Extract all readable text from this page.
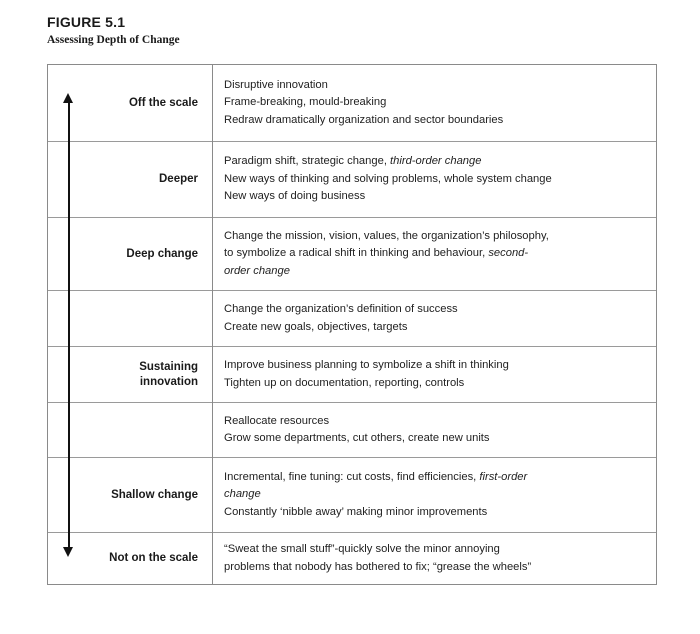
FIGURE 5.1
Assessing Depth of Change
Off the scale
Disruptive innovation
Frame-breaking, mould-breaking
Redraw dramatically organization and sector boundaries
Deeper
Paradigm shift, strategic change, third-order change
New ways of thinking and solving problems, whole system change
New ways of doing business
Deep change
Change the mission, vision, values, the organization’s philosophy,
to symbolize a radical shift in thinking and behaviour, second-
order change
Change the organization’s definition of success
Create new goals, objectives, targets
Sustaining
innovation
Improve business planning to symbolize a shift in thinking
Tighten up on documentation, reporting, controls
Reallocate resources
Grow some departments, cut others, create new units
Shallow change
Incremental, fine tuning: cut costs, find efficiencies, first-order
change
Constantly ‘nibble away’ making minor improvements
Not on the scale
“Sweat the small stuff”-quickly solve the minor annoying
problems that nobody has bothered to fix; “grease the wheels”
